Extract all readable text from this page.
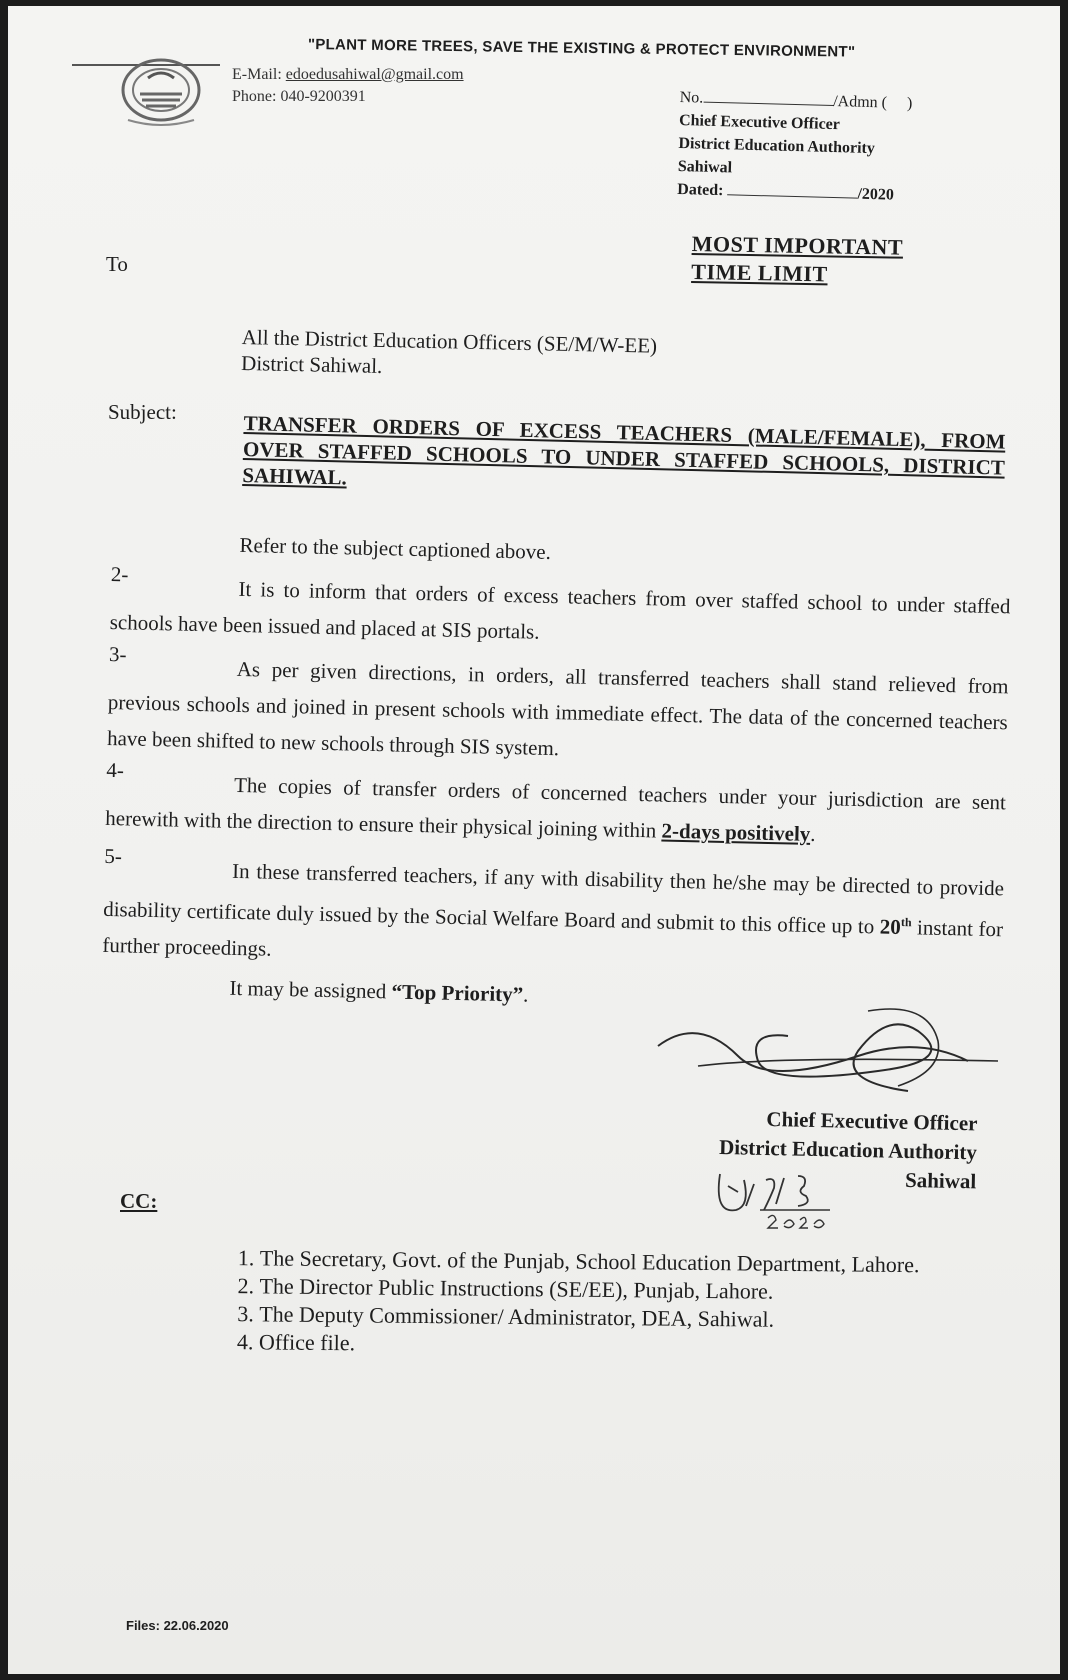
"PLANT MORE TREES, SAVE THE EXISTING & PROTECT ENVIRONMENT"
E-Mail: edoedusahiwal@gmail.com
Phone: 040-9200391	No.	/Admn ( )
Chief Executive Officer
District Education Authority
Sahiwal
Dated:	/2020
MOST IMPORTANT
TIME LIMIT
To
All the District Education Officers (SE/M/W-EE)
District Sahiwal.
Subject:	TRANSFER ORDERS OF EXCESS TEACHERS (MALE/FEMALE), FROM OVER STAFFED SCHOOLS TO UNDER STAFFED SCHOOLS, DISTRICT SAHIWAL.

Refer to the subject captioned above.

2-

It is to inform that orders of excess teachers from over staffed school to under staffed schools have been issued and placed at SIS portals.

3-

As per given directions, in orders, all transferred teachers shall stand relieved from previous schools and joined in present schools with immediate effect. The data of the concerned teachers have been shifted to new schools through SIS system.

4-

The copies of transfer orders of concerned teachers under your jurisdiction are sent herewith with the direction to ensure their physical joining within 2-days positively.

5-

In these transferred teachers, if any with disability then he/she may be directed to provide disability certificate duly issued by the Social Welfare Board and submit to this office up to 20th instant for further proceedings.

It may be assigned “Top Priority”.

Chief Executive Officer
District Education Authority
Sahiwal
CC:
1. The Secretary, Govt. of the Punjab, School Education Department, Lahore.
2. The Director Public Instructions (SE/EE), Punjab, Lahore.
3. The Deputy Commissioner/ Administrator, DEA, Sahiwal.
4. Office file.
Files: 22.06.2020
